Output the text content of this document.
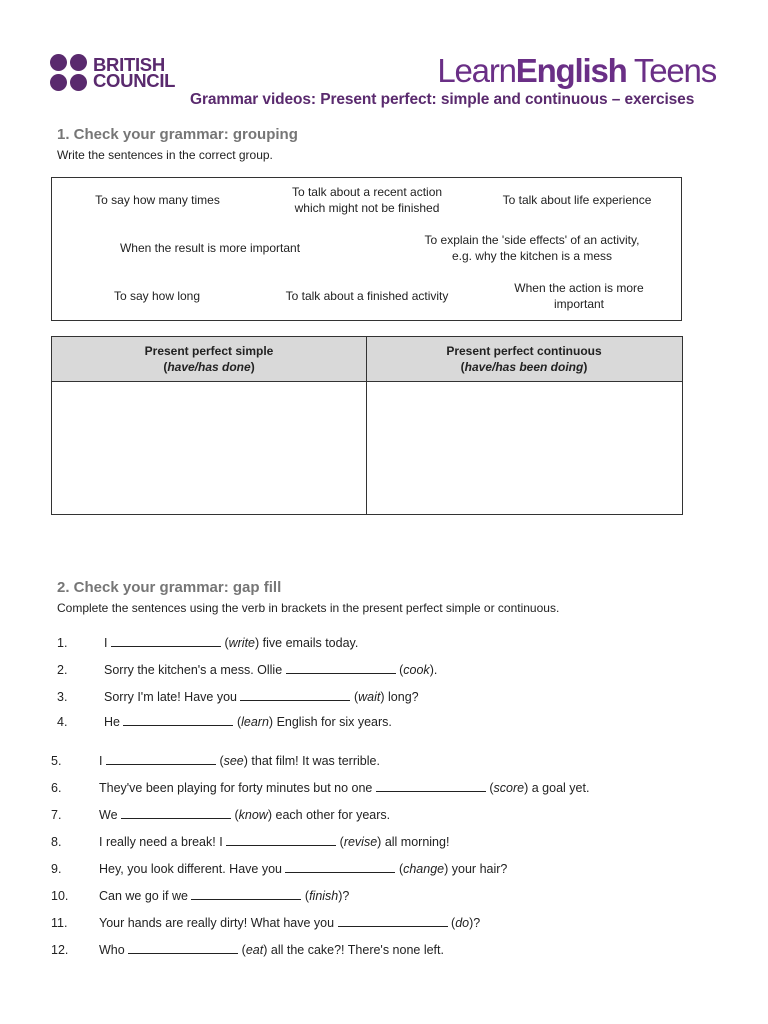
BRITISH
COUNCIL	LearnEnglish Teens
Grammar videos: Present perfect: simple and continuous – exercises
1. Check your grammar: grouping
Write the sentences in the correct group.
To say how many times
To talk about a recent action
which might not be finished
To talk about life experience
When the result is more important
To explain the 'side effects' of an activity,
e.g. why the kitchen is a mess
To say how long	To talk about a finished activity
When the action is more
important
Present perfect simple
(have/has done)
Present perfect continuous
(have/has been doing)
2. Check your grammar: gap fill
Complete the sentences using the verb in brackets in the present perfect simple or continuous.
1.	I	(write) five emails today.
2.	Sorry the kitchen's a mess. Ollie	(cook).
3.	Sorry I'm late! Have you	(wait) long?
4.	He	(learn) English for six years.
5.	I	(see) that film! It was terrible.
6.	They've been playing for forty minutes but no one	(score) a goal yet.
7.	We	(know) each other for years.
8.	I really need a break! I	(revise) all morning!
9.	Hey, you look different. Have you	(change) your hair?
10. Can we go if we	(finish)?
11.	Your hands are really dirty! What have you	(do)?
12. Who	(eat) all the cake?! There's none left.
